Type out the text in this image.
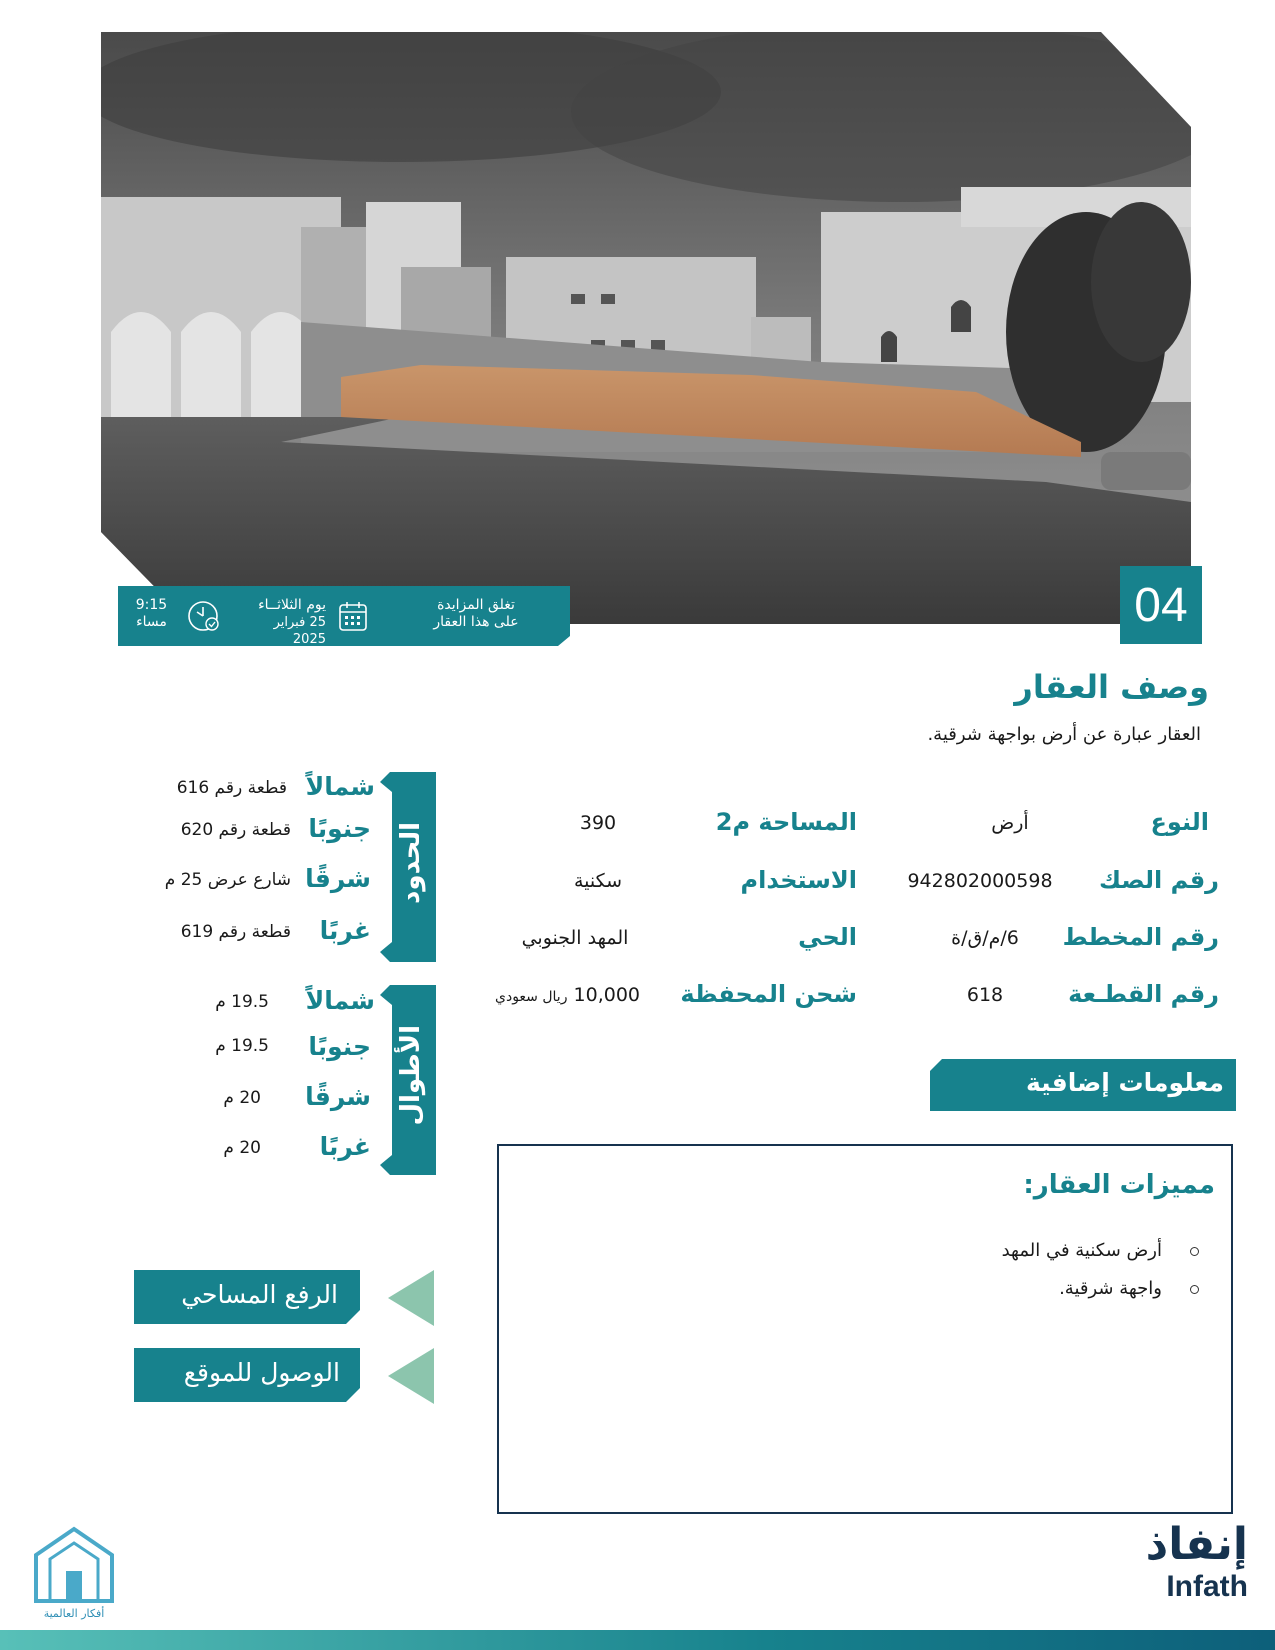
تغلق المزايدة
على هذا العقار
يوم الثلاثــاء
25 فبراير 2025
9:15
مساء	04
وصف العقار
العقار عبارة عن أرض بواجهة شرقية.
النوع
أرض
المساحة م2
390
رقم الصك
942802000598
الاستخدام
سكنية
رقم المخطط
6/م/ق/ة
الحي
المهد الجنوبي
رقم القطـعة
618
شحن المحفظة
10,000 ريال سعودي
الحدود
شمالاً
قطعة رقم 616
جنوبًا
قطعة رقم 620
شرقًا
شارع عرض 25 م
غربًا
قطعة رقم 619
الأطوال
شمالاً
19.5 م
جنوبًا
19.5 م
شرقًا
20 م
غربًا
20 م
معلومات إضافية
مميزات العقار:
أرض سكنية في المهد
واجهة شرقية.
الرفع المساحي
الوصول للموقع
إنفاذ
Infath
أفكار العالمية
